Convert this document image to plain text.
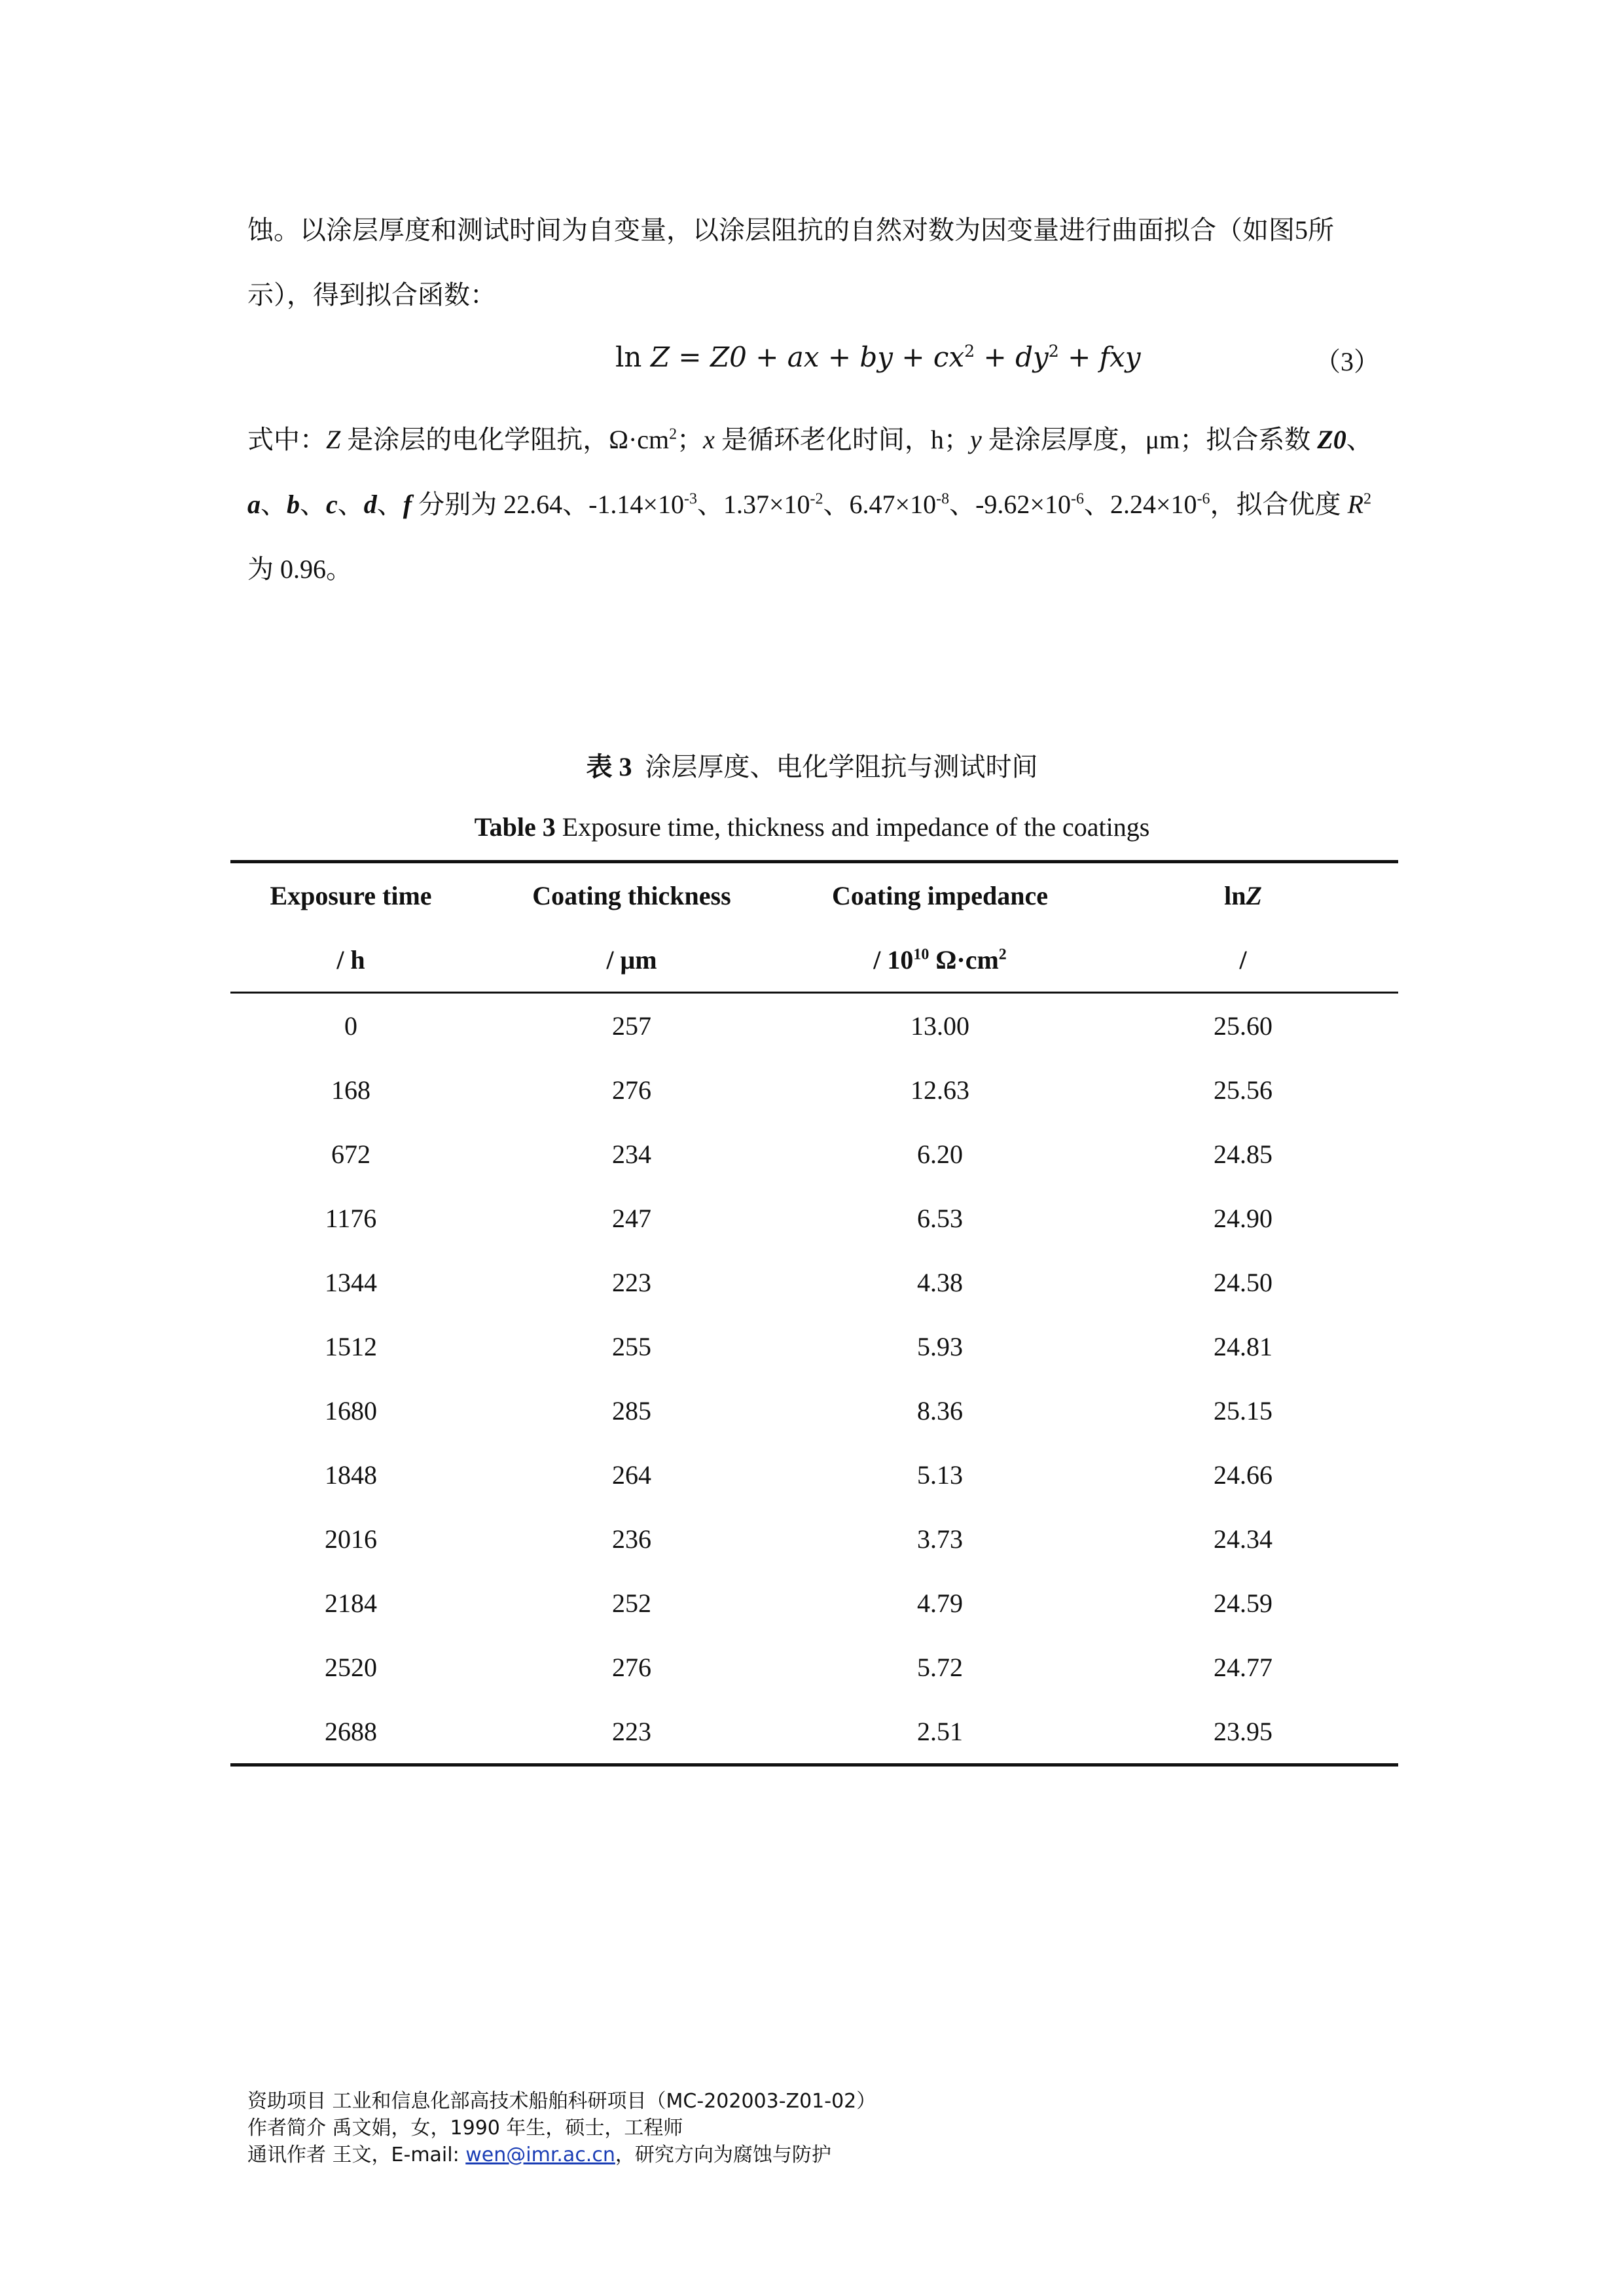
蚀。以涂层厚度和测试时间为自变量，以涂层阻抗的自然对数为因变量进行曲面拟合（如图5所示），得到拟合函数：

ln Z = Z0 + ax + by + $cx^2 + dy^2$ + fxy	（3）

式中：Z 是涂层的电化学阻抗，$\Omega\cdot cm^2$；x 是循环老化时间，h；y 是涂层厚度，μm；拟合系数 Z0、a、b、c、d、f 分别为 22.64、$-1.14\times 10^{-3}$、$1.37\times 10^{-2}$、$6.47\times 10^{-8}$、$-9.62\times 10^{-6}$、$2.24\times 10^{-6}$，拟合优度 $R^2$ 为 0.96。

表 3 涂层厚度、电化学阻抗与测试时间
Table 3 Exposure time, thickness and impedance of the coatings
Exposure time	Coating thickness	Coating impedance	lnZ
/ h	/ μm	/ $10^{10}$ $\Omega\cdot cm^2$	/
0	257	13.00	25.60
168	276	12.63	25.56
672	234	6.20	24.85
1176	247	6.53	24.90
1344	223	4.38	24.50
1512	255	5.93	24.81
1680	285	8.36	25.15
1848	264	5.13	24.66
2016	236	3.73	24.34
2184	252	4.79	24.59
2520	276	5.72	24.77
2688	223	2.51	23.95
资助项目 工业和信息化部高技术船舶科研项目（MC-202003-Z01-02）
作者简介 禹文娟，女，1990 年生，硕士，工程师
通讯作者 王文，E-mail: wen@imr.ac.cn，研究方向为腐蚀与防护
